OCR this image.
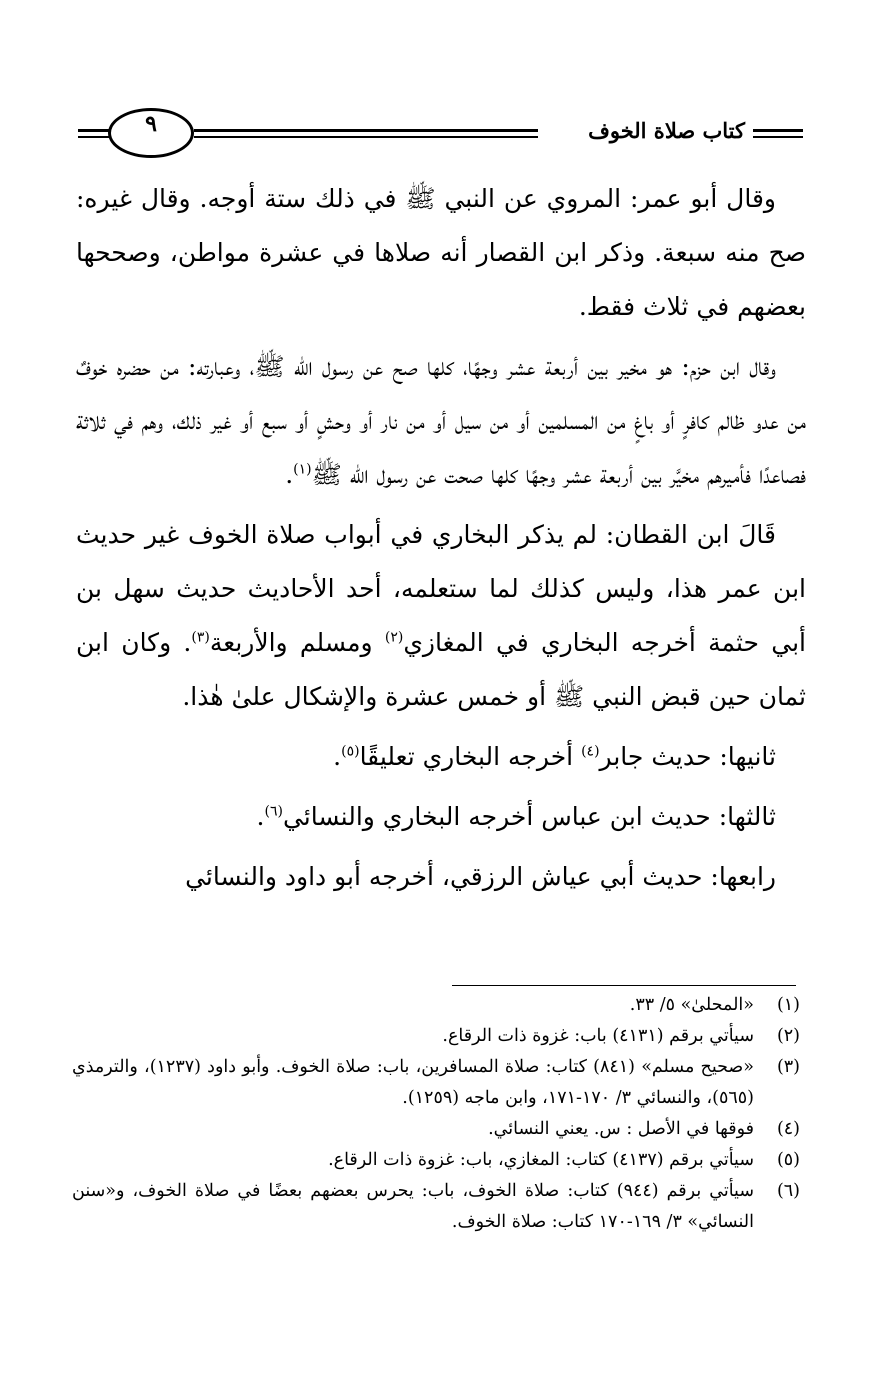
كتاب صلاة الخوف
٩

وقال أبو عمر: المروي عن النبي ﷺ في ذلك ستة أوجه. وقال غيره: صح منه سبعة. وذكر ابن القصار أنه صلاها في عشرة مواطن، وصححها بعضهم في ثلاث فقط.

وقال ابن حزم: هو مخير بين أربعة عشر وجهًا، كلها صح عن رسول الله ﷺ، وعبارته: من حضره خوفٌ من عدو ظالم كافرٍ أو باغٍ من المسلمين أو من سيل أو من نار أو وحشٍ أو سبع أو غير ذلك، وهم في ثلاثة فصاعدًا فأميرهم مخيَّر بين أربعة عشر وجهًا كلها صحت عن رسول الله ﷺ$^{(١)}$.

قَالَ ابن القطان: لم يذكر البخاري في أبواب صلاة الخوف غير حديث ابن عمر هذا، وليس كذلك لما ستعلمه، أحد الأحاديث حديث سهل بن أبي حثمة أخرجه البخاري في المغازي$^{(٢)}$ ومسلم والأربعة$^{(٣)}$. وكان ابن ثمان حين قبض النبي ﷺ أو خمس عشرة والإشكال علىٰ هٰذا.

ثانيها: حديث جابر$^{(٤)}$ أخرجه البخاري تعليقًا$^{(٥)}$.

ثالثها: حديث ابن عباس أخرجه البخاري والنسائي$^{(٦)}$.

رابعها: حديث أبي عياش الرزقي، أخرجه أبو داود والنسائي

(١)
«المحلىٰ» ٥/ ٣٣.
(٢)
سيأتي برقم (٤١٣١) باب: غزوة ذات الرقاع.
(٣)
«صحيح مسلم» (٨٤١) كتاب: صلاة المسافرين، باب: صلاة الخوف. وأبو داود (١٢٣٧)، والترمذي (٥٦٥)، والنسائي ٣/ ١٧٠-١٧١، وابن ماجه (١٢٥٩).
(٤)
فوقها في الأصل : س. يعني النسائي.
(٥)
سيأتي برقم (٤١٣٧) كتاب: المغازي، باب: غزوة ذات الرقاع.
(٦)
سيأتي برقم (٩٤٤) كتاب: صلاة الخوف، باب: يحرس بعضهم بعضًا في صلاة الخوف، و«سنن النسائي» ٣/ ١٦٩-١٧٠ كتاب: صلاة الخوف.
